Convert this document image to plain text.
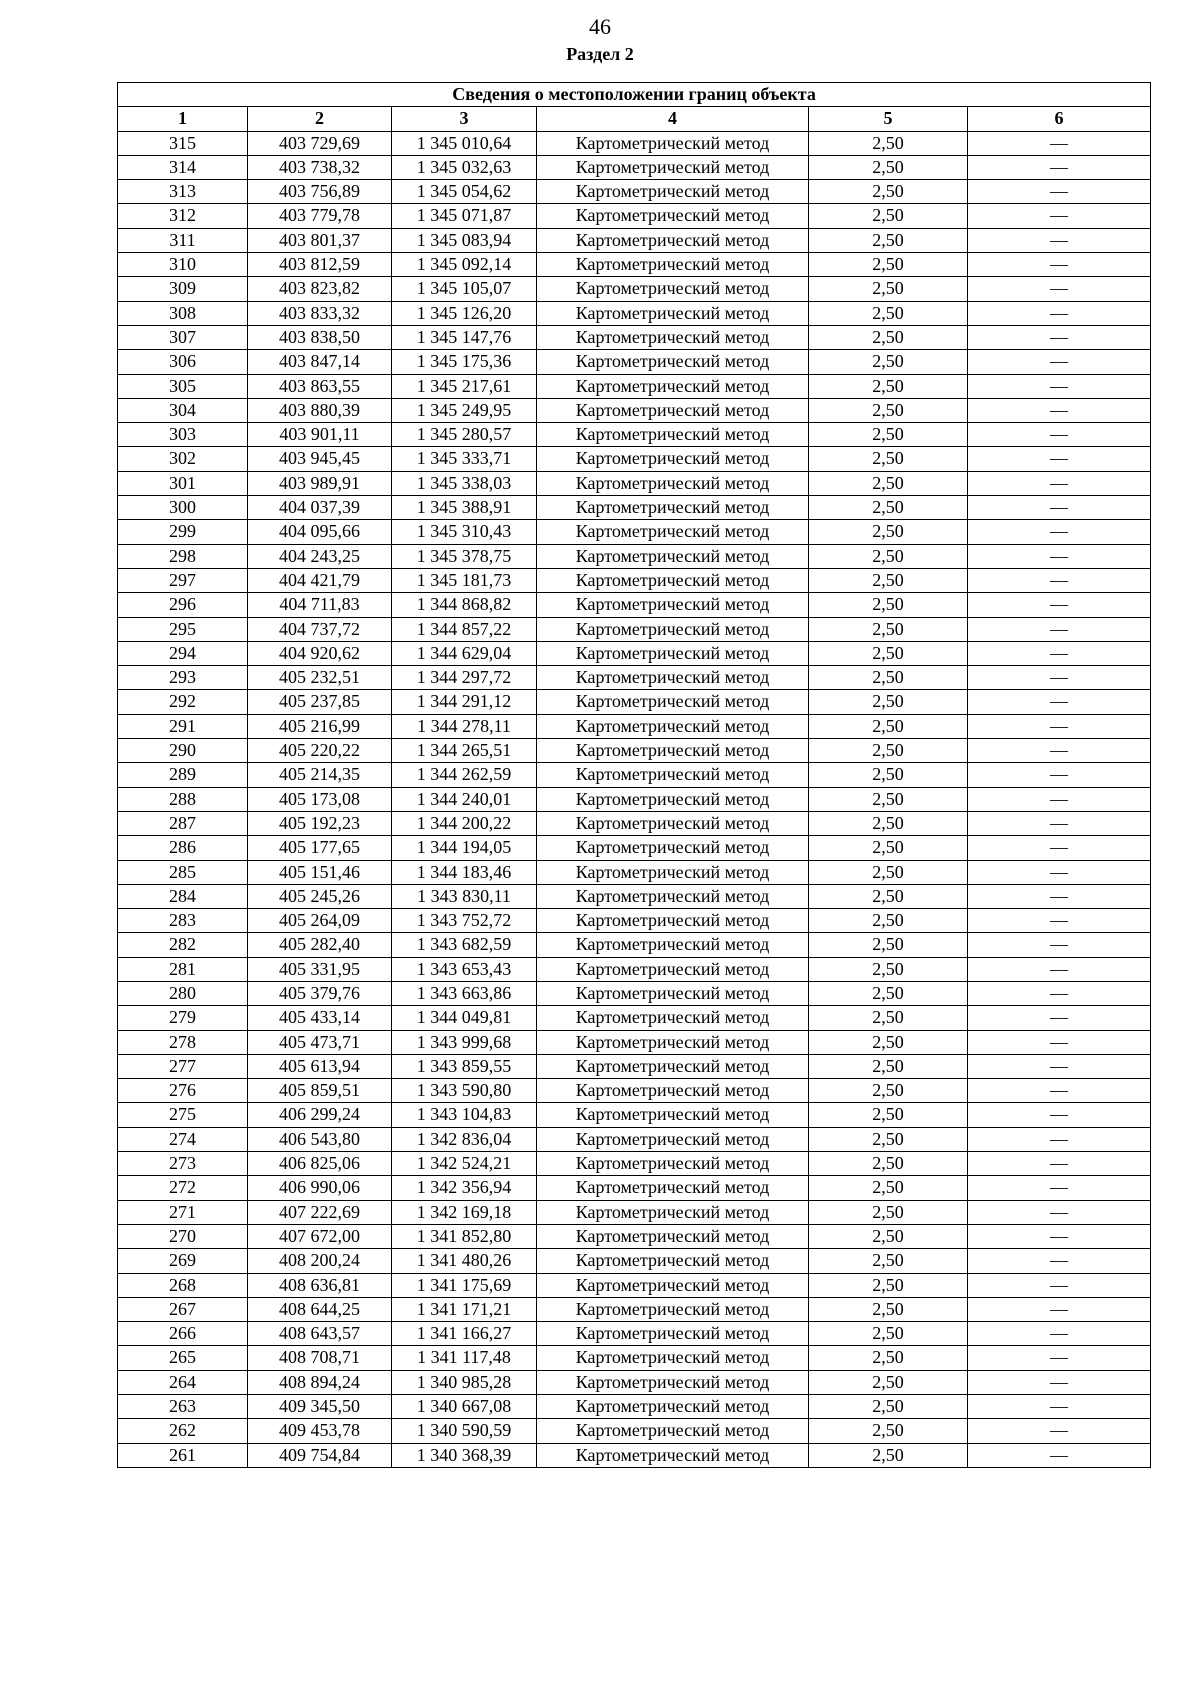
46
Раздел 2
Сведения о местоположении границ объекта					
1	2	3	4	5	6
315	403 729,69	1 345 010,64	Картометрический метод	2,50	—
314	403 738,32	1 345 032,63	Картометрический метод	2,50	—
313	403 756,89	1 345 054,62	Картометрический метод	2,50	—
312	403 779,78	1 345 071,87	Картометрический метод	2,50	—
311	403 801,37	1 345 083,94	Картометрический метод	2,50	—
310	403 812,59	1 345 092,14	Картометрический метод	2,50	—
309	403 823,82	1 345 105,07	Картометрический метод	2,50	—
308	403 833,32	1 345 126,20	Картометрический метод	2,50	—
307	403 838,50	1 345 147,76	Картометрический метод	2,50	—
306	403 847,14	1 345 175,36	Картометрический метод	2,50	—
305	403 863,55	1 345 217,61	Картометрический метод	2,50	—
304	403 880,39	1 345 249,95	Картометрический метод	2,50	—
303	403 901,11	1 345 280,57	Картометрический метод	2,50	—
302	403 945,45	1 345 333,71	Картометрический метод	2,50	—
301	403 989,91	1 345 338,03	Картометрический метод	2,50	—
300	404 037,39	1 345 388,91	Картометрический метод	2,50	—
299	404 095,66	1 345 310,43	Картометрический метод	2,50	—
298	404 243,25	1 345 378,75	Картометрический метод	2,50	—
297	404 421,79	1 345 181,73	Картометрический метод	2,50	—
296	404 711,83	1 344 868,82	Картометрический метод	2,50	—
295	404 737,72	1 344 857,22	Картометрический метод	2,50	—
294	404 920,62	1 344 629,04	Картометрический метод	2,50	—
293	405 232,51	1 344 297,72	Картометрический метод	2,50	—
292	405 237,85	1 344 291,12	Картометрический метод	2,50	—
291	405 216,99	1 344 278,11	Картометрический метод	2,50	—
290	405 220,22	1 344 265,51	Картометрический метод	2,50	—
289	405 214,35	1 344 262,59	Картометрический метод	2,50	—
288	405 173,08	1 344 240,01	Картометрический метод	2,50	—
287	405 192,23	1 344 200,22	Картометрический метод	2,50	—
286	405 177,65	1 344 194,05	Картометрический метод	2,50	—
285	405 151,46	1 344 183,46	Картометрический метод	2,50	—
284	405 245,26	1 343 830,11	Картометрический метод	2,50	—
283	405 264,09	1 343 752,72	Картометрический метод	2,50	—
282	405 282,40	1 343 682,59	Картометрический метод	2,50	—
281	405 331,95	1 343 653,43	Картометрический метод	2,50	—
280	405 379,76	1 343 663,86	Картометрический метод	2,50	—
279	405 433,14	1 344 049,81	Картометрический метод	2,50	—
278	405 473,71	1 343 999,68	Картометрический метод	2,50	—
277	405 613,94	1 343 859,55	Картометрический метод	2,50	—
276	405 859,51	1 343 590,80	Картометрический метод	2,50	—
275	406 299,24	1 343 104,83	Картометрический метод	2,50	—
274	406 543,80	1 342 836,04	Картометрический метод	2,50	—
273	406 825,06	1 342 524,21	Картометрический метод	2,50	—
272	406 990,06	1 342 356,94	Картометрический метод	2,50	—
271	407 222,69	1 342 169,18	Картометрический метод	2,50	—
270	407 672,00	1 341 852,80	Картометрический метод	2,50	—
269	408 200,24	1 341 480,26	Картометрический метод	2,50	—
268	408 636,81	1 341 175,69	Картометрический метод	2,50	—
267	408 644,25	1 341 171,21	Картометрический метод	2,50	—
266	408 643,57	1 341 166,27	Картометрический метод	2,50	—
265	408 708,71	1 341 117,48	Картометрический метод	2,50	—
264	408 894,24	1 340 985,28	Картометрический метод	2,50	—
263	409 345,50	1 340 667,08	Картометрический метод	2,50	—
262	409 453,78	1 340 590,59	Картометрический метод	2,50	—
261	409 754,84	1 340 368,39	Картометрический метод	2,50	—
